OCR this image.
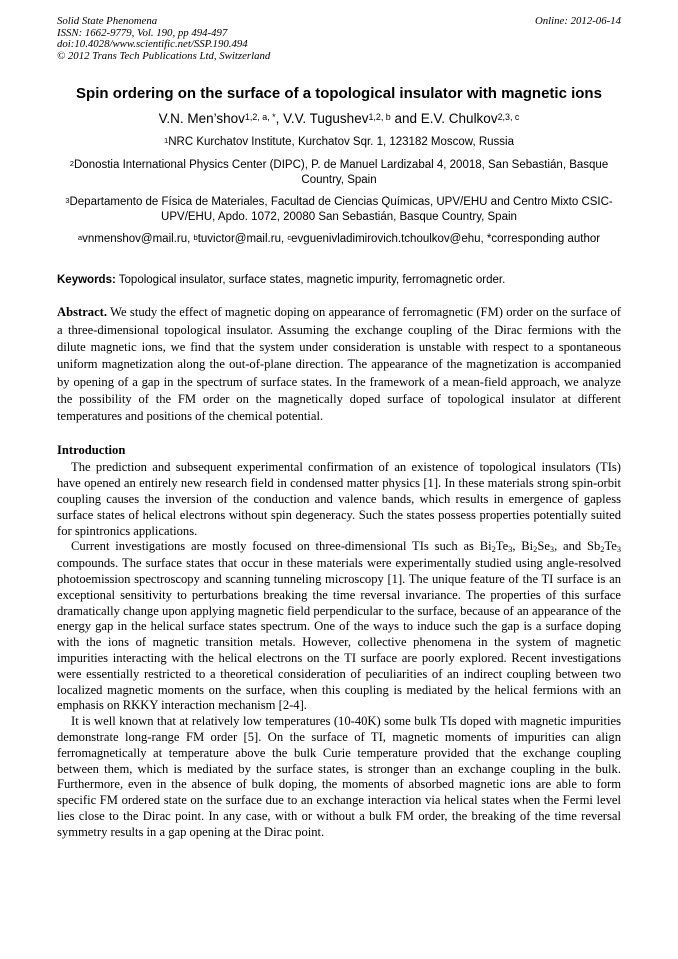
Solid State Phenomena
ISSN: 1662-9779, Vol. 190, pp 494-497
doi:10.4028/www.scientific.net/SSP.190.494
© 2012 Trans Tech Publications Ltd, Switzerland
Online: 2012-06-14
Spin ordering on the surface of a topological insulator with magnetic ions

V.N. Men’shov$^{1,2, a, *}$, V.V. Tugushev$^{1,2, b}$ and E.V. Chulkov$^{2,3, c}$

$^1$NRC Kurchatov Institute, Kurchatov Sqr. 1, 123182 Moscow, Russia

$^2$Donostia International Physics Center (DIPC), P. de Manuel Lardizabal 4, 20018, San Sebastián, Basque Country, Spain

$^3$Departamento de Física de Materiales, Facultad de Ciencias Químicas, UPV/EHU and Centro Mixto CSIC-UPV/EHU, Apdo. 1072, 20080 San Sebastián, Basque Country, Spain

$^a$vnmenshov@mail.ru, $^b$tuvictor@mail.ru, $^c$evguenivladimirovich.tchoulkov@ehu, *corresponding author

Keywords: Topological insulator, surface states, magnetic impurity, ferromagnetic order.

Abstract. We study the effect of magnetic doping on appearance of ferromagnetic (FM) order on the surface of a three-dimensional topological insulator. Assuming the exchange coupling of the Dirac fermions with the dilute magnetic ions, we find that the system under consideration is unstable with respect to a spontaneous uniform magnetization along the out-of-plane direction. The appearance of the magnetization is accompanied by opening of a gap in the spectrum of surface states. In the framework of a mean-field approach, we analyze the possibility of the FM order on the magnetically doped surface of topological insulator at different temperatures and positions of the chemical potential.

Introduction

The prediction and subsequent experimental confirmation of an existence of topological insulators (TIs) have opened an entirely new research field in condensed matter physics [1]. In these materials strong spin-orbit coupling causes the inversion of the conduction and valence bands, which results in emergence of gapless surface states of helical electrons without spin degeneracy. Such the states possess properties potentially suited for spintronics applications.

Current investigations are mostly focused on three-dimensional TIs such as Bi2Te3, Bi2Se3, and Sb2Te3 compounds. The surface states that occur in these materials were experimentally studied using angle-resolved photoemission spectroscopy and scanning tunneling microscopy [1]. The unique feature of the TI surface is an exceptional sensitivity to perturbations breaking the time reversal invariance. The properties of this surface dramatically change upon applying magnetic field perpendicular to the surface, because of an appearance of the energy gap in the helical surface states spectrum. One of the ways to induce such the gap is a surface doping with the ions of magnetic transition metals. However, collective phenomena in the system of magnetic impurities interacting with the helical electrons on the TI surface are poorly explored. Recent investigations were essentially restricted to a theoretical consideration of peculiarities of an indirect coupling between two localized magnetic moments on the surface, when this coupling is mediated by the helical fermions with an emphasis on RKKY interaction mechanism [2-4].

It is well known that at relatively low temperatures (10-40K) some bulk TIs doped with magnetic impurities demonstrate long-range FM order [5]. On the surface of TI, magnetic moments of impurities can align ferromagnetically at temperature above the bulk Curie temperature provided that the exchange coupling between them, which is mediated by the surface states, is stronger than an exchange coupling in the bulk. Furthermore, even in the absence of bulk doping, the moments of absorbed magnetic ions are able to form specific FM ordered state on the surface due to an exchange interaction via helical states when the Fermi level lies close to the Dirac point. In any case, with or without a bulk FM order, the breaking of the time reversal symmetry results in a gap opening at the Dirac point.
